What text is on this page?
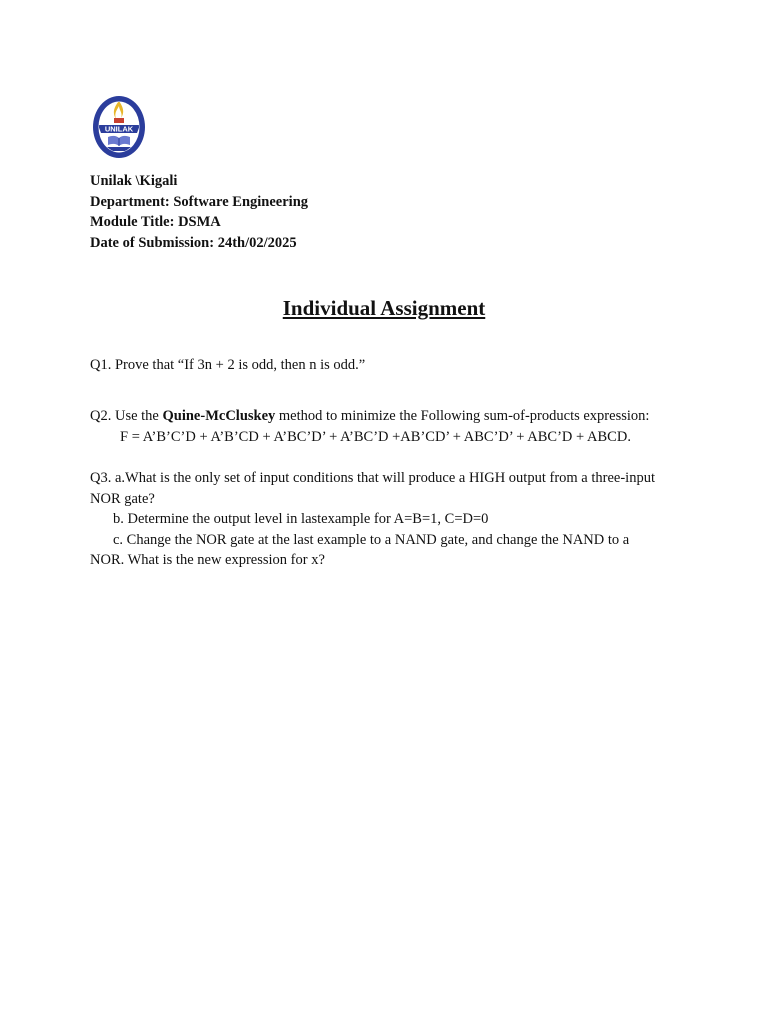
UNILAK
Unilak \Kigali
Department: Software Engineering
Module Title: DSMA
Date of Submission: 24th/02/2025
Individual Assignment
Q1. Prove that “If 3n + 2 is odd, then n is odd.”
Q2. Use the Quine-McCluskey method to minimize the Following sum-of-products expression:
F = A’B’C’D + A’B’CD + A’BC’D’ + A’BC’D +AB’CD’ + ABC’D’ + ABC’D + ABCD.
Q3. a.What is the only set of input conditions that will produce a HIGH output from a three-input
NOR gate?
b. Determine the output level in lastexample for A=B=1, C=D=0
c. Change the NOR gate at the last example to a NAND gate, and change the NAND to a
NOR. What is the new expression for x?
